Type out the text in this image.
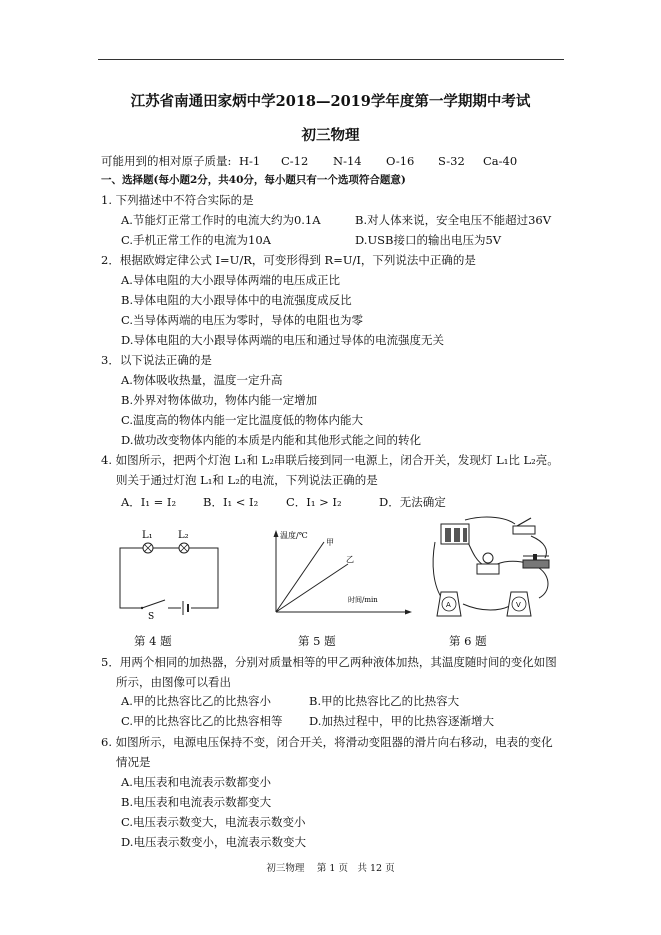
江苏省南通田家炳中学2018—2019学年度第一学期期中考试
初三物理
可能用到的相对原子质量: H-1 C-12 N-14 O-16 S-32 Ca-40
一、选择题(每小题2分，共40分，每小题只有一个选项符合题意)
1. 下列描述中不符合实际的是
A.节能灯正常工作时的电流大约为0.1A	B.对人体来说，安全电压不能超过36V
C.手机正常工作的电流为10A	D.USB接口的输出电压为5V
2．根据欧姆定律公式 I=U/R，可变形得到 R=U/I，下列说法中正确的是
A.导体电阻的大小跟导体两端的电压成正比
B.导体电阻的大小跟导体中的电流强度成反比
C.当导体两端的电压为零时，导体的电阻也为零
D.导体电阻的大小跟导体两端的电压和通过导体的电流强度无关
3．以下说法正确的是
A.物体吸收热量，温度一定升高
B.外界对物体做功，物体内能一定增加
C.温度高的物体内能一定比温度低的物体内能大
D.做功改变物体内能的本质是内能和其他形式能之间的转化
4. 如图所示，把两个灯泡 L₁和 L₂串联后接到同一电源上，闭合开关，发现灯 L₁比 L₂亮。
则关于通过灯泡 L₁和 L₂的电流，下列说法正确的是
A．I₁ = I₂ B．I₁ < I₂ C．I₁ > I₂	D．无法确定
L₁	L₂
S
第 4 题
温度/℃
甲
乙
时间/min
第 5 题
A	V
第 6 题
5．用两个相同的加热器，分别对质量相等的甲乙两种液体加热，其温度随时间的变化如图
所示，由图像可以看出
A.甲的比热容比乙的比热容小	B.甲的比热容比乙的比热容大
C.甲的比热容比乙的比热容相等 D.加热过程中，甲的比热容逐渐增大
6. 如图所示，电源电压保持不变，闭合开关，将滑动变阻器的滑片向右移动，电表的变化
情况是
A.电压表和电流表示数都变小
B.电压表和电流表示数都变大
C.电压表示数变大，电流表示数变小
D.电压表示数变小，电流表示数变大
初三物理　 第 1 页　共 12 页
